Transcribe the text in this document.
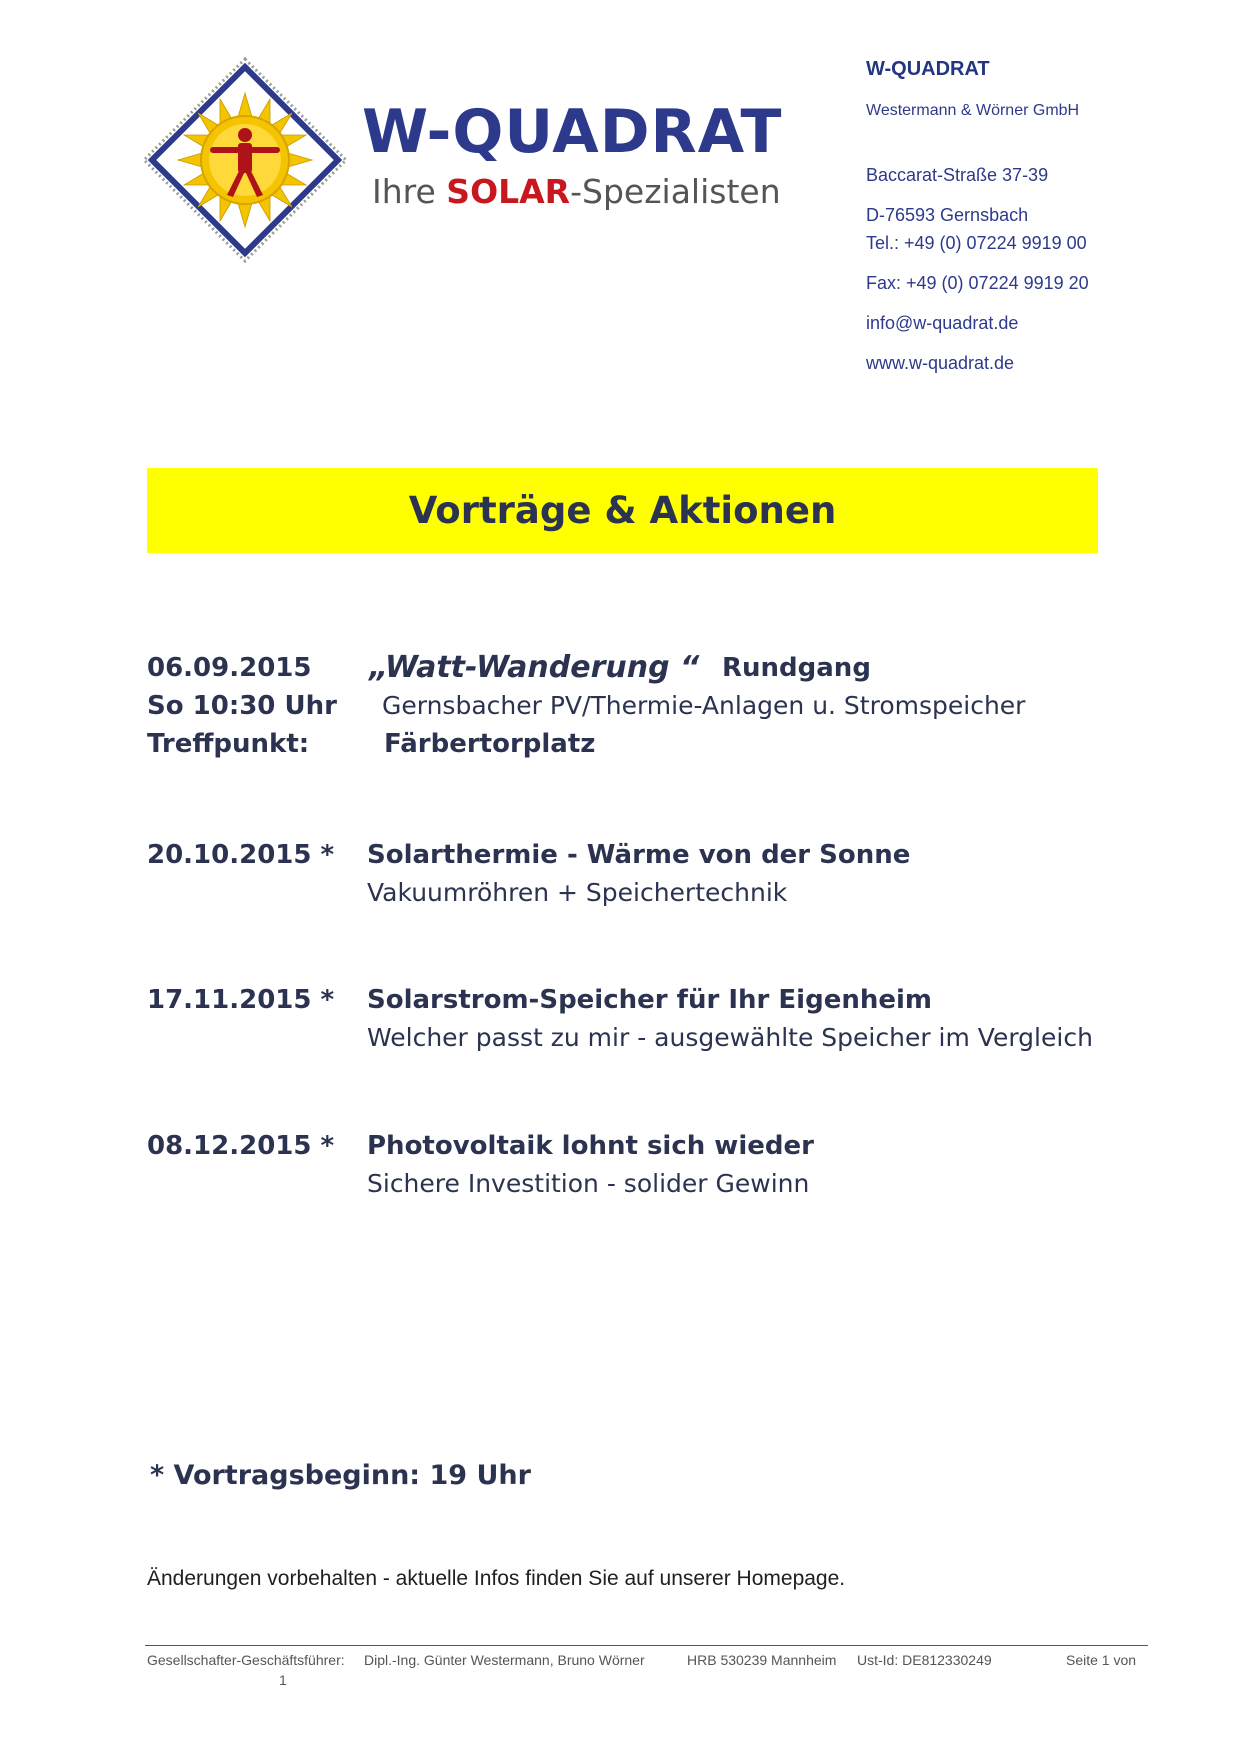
W-QUADRAT
Ihre SOLAR-Spezialisten
W-QUADRAT
Westermann & Wörner GmbH
Baccarat-Straße 37-39
D-76593 Gernsbach
Tel.: +49 (0) 07224 9919 00
Fax: +49 (0) 07224 9919 20
info@w-quadrat.de
www.w-quadrat.de
Vorträge & Aktionen
06.09.2015
So 10:30 Uhr
Treffpunkt:
„Watt-Wanderung “ Rundgang
Gernsbacher PV/Thermie-Anlagen u. Stromspeicher
Färbertorplatz
20.10.2015 * Solarthermie - Wärme von der Sonne
Vakuumröhren + Speichertechnik
17.11.2015 * Solarstrom-Speicher für Ihr Eigenheim
Welcher passt zu mir - ausgewählte Speicher im Vergleich
08.12.2015 * Photovoltaik lohnt sich wieder
Sichere Investition - solider Gewinn
* Vortragsbeginn: 19 Uhr
Änderungen vorbehalten - aktuelle Infos finden Sie auf unserer Homepage.
Gesellschafter-Geschäftsführer: Dipl.-Ing. Günter Westermann, Bruno Wörner	HRB 530239 Mannheim Ust-Id: DE812330249	Seite 1 von
1
